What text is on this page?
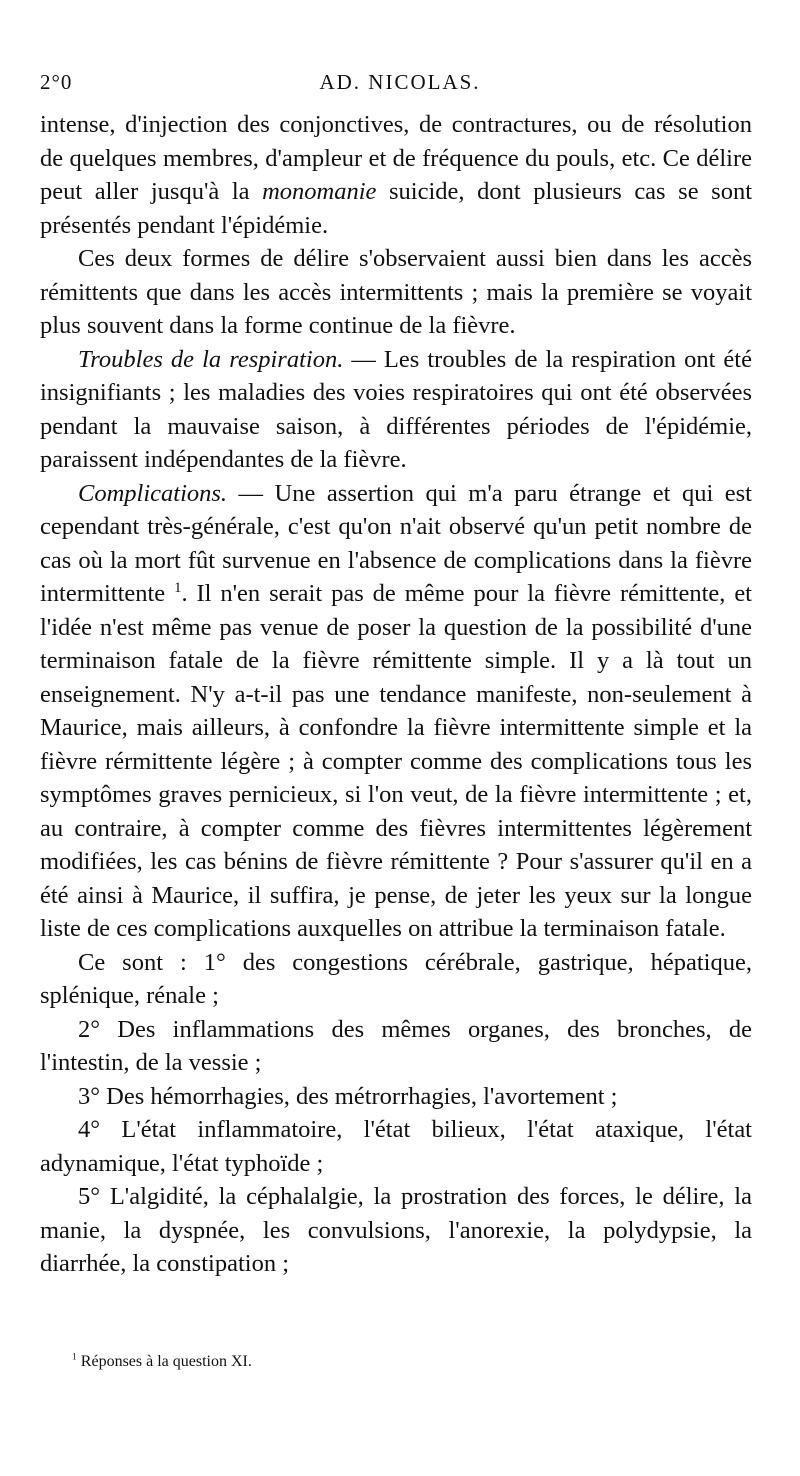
2°0	AD. NICOLAS.

intense, d'injection des conjonctives, de contractures, ou de résolution de quelques membres, d'ampleur et de fréquence du pouls, etc. Ce délire peut aller jusqu'à la monomanie suicide, dont plusieurs cas se sont présentés pendant l'épidémie.

Ces deux formes de délire s'observaient aussi bien dans les accès rémittents que dans les accès intermittents ; mais la première se voyait plus souvent dans la forme continue de la fièvre.

Troubles de la respiration. — Les troubles de la respiration ont été insignifiants ; les maladies des voies respiratoires qui ont été observées pendant la mauvaise saison, à différentes périodes de l'épidémie, paraissent indépendantes de la fièvre.

Complications. — Une assertion qui m'a paru étrange et qui est cependant très-générale, c'est qu'on n'ait observé qu'un petit nombre de cas où la mort fût survenue en l'absence de complications dans la fièvre intermittente $^1$. Il n'en serait pas de même pour la fièvre rémittente, et l'idée n'est même pas venue de poser la question de la possibilité d'une terminaison fatale de la fièvre rémittente simple. Il y a là tout un enseignement. N'y a-t-il pas une tendance manifeste, non-seulement à Maurice, mais ailleurs, à confondre la fièvre intermittente simple et la fièvre rérmittente légère ; à compter comme des complications tous les symptômes graves pernicieux, si l'on veut, de la fièvre intermittente ; et, au contraire, à compter comme des fièvres intermittentes légèrement modifiées, les cas bénins de fièvre rémittente ? Pour s'assurer qu'il en a été ainsi à Maurice, il suffira, je pense, de jeter les yeux sur la longue liste de ces complications auxquelles on attribue la terminaison fatale.

Ce sont : 1° des congestions cérébrale, gastrique, hépatique, splénique, rénale ;

2° Des inflammations des mêmes organes, des bronches, de l'intestin, de la vessie ;

3° Des hémorrhagies, des métrorrhagies, l'avortement ;

4° L'état inflammatoire, l'état bilieux, l'état ataxique, l'état adynamique, l'état typhoïde ;

5° L'algidité, la céphalalgie, la prostration des forces, le délire, la manie, la dyspnée, les convulsions, l'anorexie, la polydypsie, la diarrhée, la constipation ;

$^1$ Réponses à la question XI.
